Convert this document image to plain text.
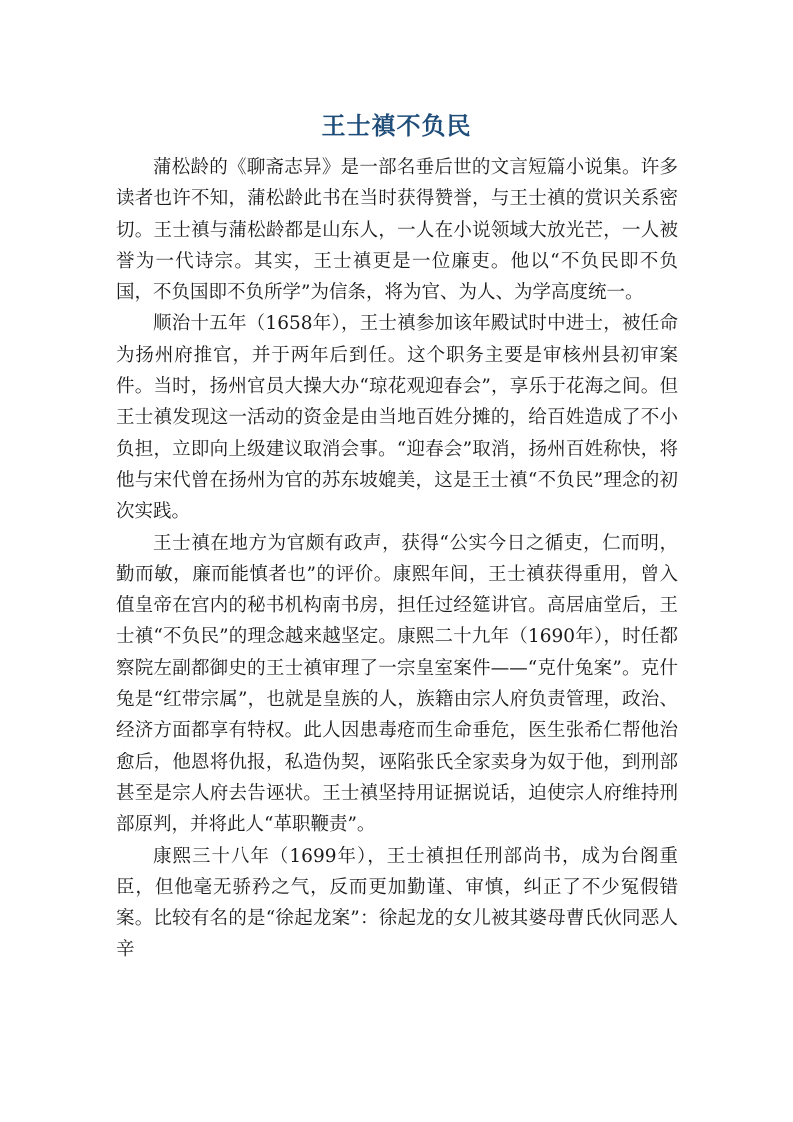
王士禛不负民

蒲松龄的《聊斋志异》是一部名垂后世的文言短篇小说集。许多读者也许不知，蒲松龄此书在当时获得赞誉，与王士禛的赏识关系密切。王士禛与蒲松龄都是山东人，一人在小说领域大放光芒，一人被誉为一代诗宗。其实，王士禛更是一位廉吏。他以“不负民即不负国，不负国即不负所学”为信条，将为官、为人、为学高度统一。

顺治十五年（1658年），王士禛参加该年殿试时中进士，被任命为扬州府推官，并于两年后到任。这个职务主要是审核州县初审案件。当时，扬州官员大操大办“琼花观迎春会”，享乐于花海之间。但王士禛发现这一活动的资金是由当地百姓分摊的，给百姓造成了不小负担，立即向上级建议取消会事。“迎春会”取消，扬州百姓称快，将他与宋代曾在扬州为官的苏东坡媲美，这是王士禛“不负民”理念的初次实践。

王士禛在地方为官颇有政声，获得“公实今日之循吏，仁而明，勤而敏，廉而能慎者也”的评价。康熙年间，王士禛获得重用，曾入值皇帝在宫内的秘书机构南书房，担任过经筵讲官。高居庙堂后，王士禛“不负民”的理念越来越坚定。康熙二十九年（1690年），时任都察院左副都御史的王士禛审理了一宗皇室案件——“克什兔案”。克什兔是“红带宗属”，也就是皇族的人，族籍由宗人府负责管理，政治、经济方面都享有特权。此人因患毒疮而生命垂危，医生张希仁帮他治愈后，他恩将仇报，私造伪契，诬陷张氏全家卖身为奴于他，到刑部甚至是宗人府去告诬状。王士禛坚持用证据说话，迫使宗人府维持刑部原判，并将此人“革职鞭责”。

康熙三十八年（1699年），王士禛担任刑部尚书，成为台阁重臣，但他毫无骄矜之气，反而更加勤谨、审慎，纠正了不少冤假错案。比较有名的是“徐起龙案”：徐起龙的女儿被其婆母曹氏伙同恶人辛
